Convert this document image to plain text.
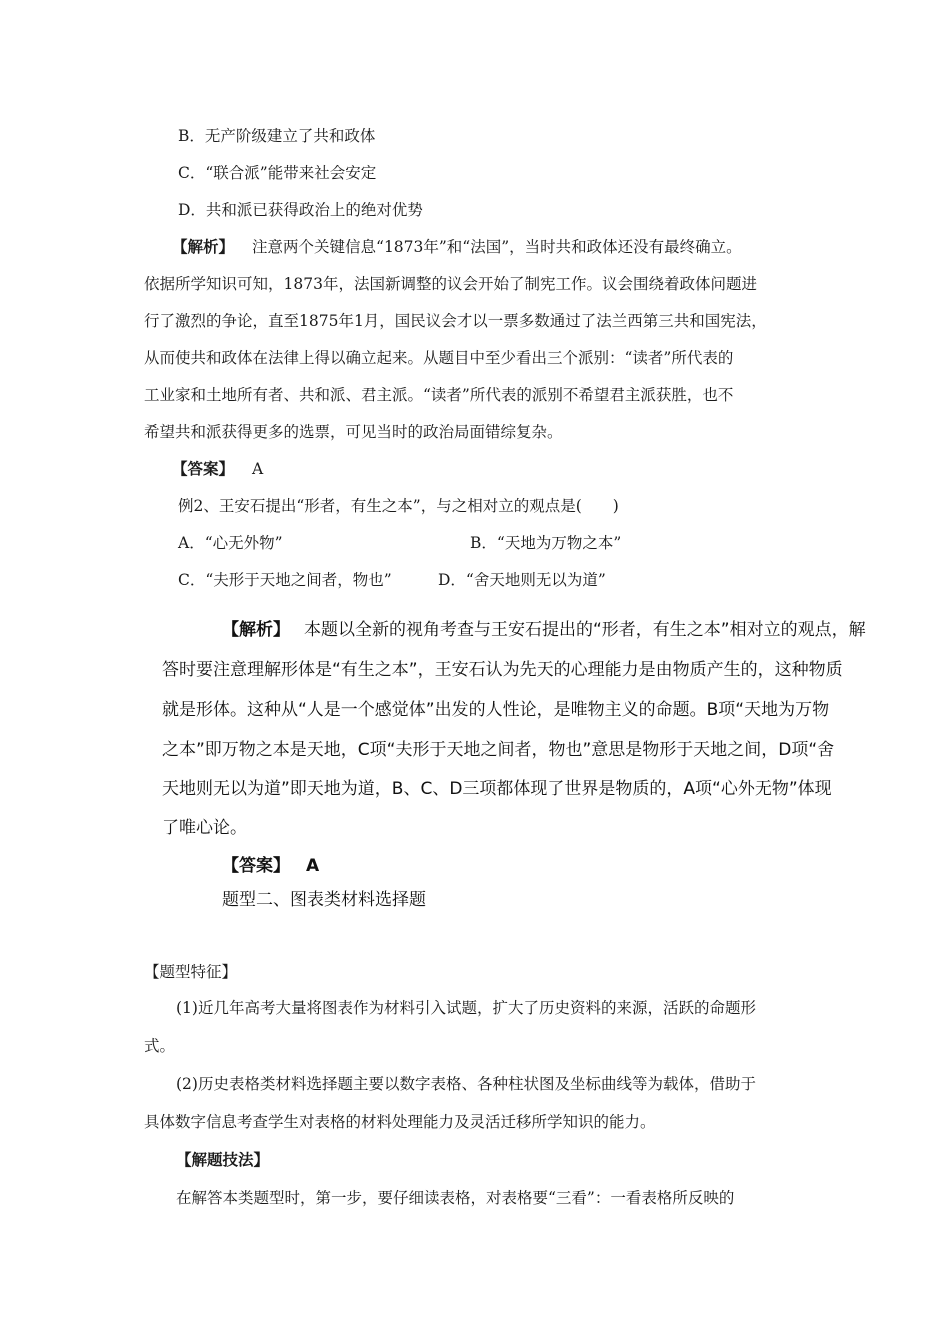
B．无产阶级建立了共和政体
C．“联合派”能带来社会安定
D．共和派已获得政治上的绝对优势
【解析】 注意两个关键信息“1873年”和“法国”，当时共和政体还没有最终确立。
依据所学知识可知，1873年，法国新调整的议会开始了制宪工作。议会围绕着政体问题进
行了激烈的争论，直至1875年1月，国民议会才以一票多数通过了法兰西第三共和国宪法，
从而使共和政体在法律上得以确立起来。从题目中至少看出三个派别：“读者”所代表的
工业家和土地所有者、共和派、君主派。“读者”所代表的派别不希望君主派获胜，也不
希望共和派获得更多的选票，可见当时的政治局面错综复杂。
【答案】 A
例2、王安石提出“形者，有生之本”，与之相对立的观点是(　　)
A．“心无外物”	B．“天地为万物之本”
C．“夫形于天地之间者，物也”	D．“舍天地则无以为道”
【解析】 本题以全新的视角考查与王安石提出的“形者，有生之本”相对立的观点，解
答时要注意理解形体是“有生之本”，王安石认为先天的心理能力是由物质产生的，这种物质
就是形体。这种从“人是一个感觉体”出发的人性论，是唯物主义的命题。B项“天地为万物
之本”即万物之本是天地，C项“夫形于天地之间者，物也”意思是物形于天地之间，D项“舍
天地则无以为道”即天地为道，B、C、D三项都体现了世界是物质的，A项“心外无物”体现
了唯心论。
【答案】 A
题型二、图表类材料选择题
【题型特征】
(1)近几年高考大量将图表作为材料引入试题，扩大了历史资料的来源，活跃的命题形
式。
(2)历史表格类材料选择题主要以数字表格、各种柱状图及坐标曲线等为载体，借助于
具体数字信息考查学生对表格的材料处理能力及灵活迁移所学知识的能力。
【解题技法】
在解答本类题型时，第一步，要仔细读表格，对表格要“三看”：一看表格所反映的
